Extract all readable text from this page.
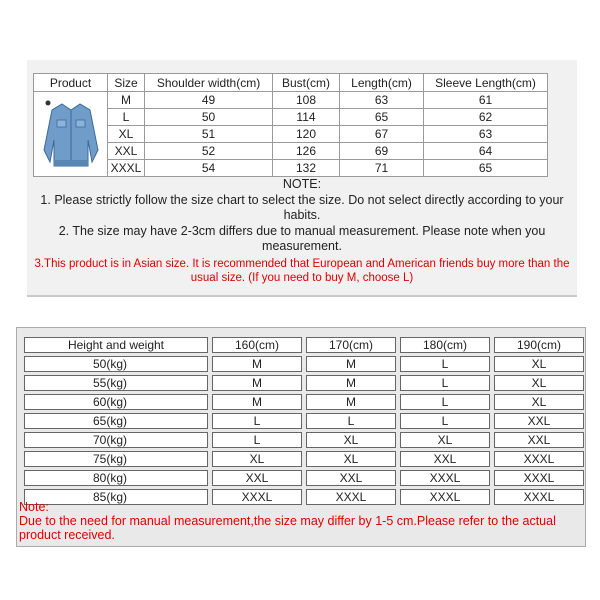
Product	Size	Shoulder width(cm)	Bust(cm)	Length(cm)	Sleeve Length(cm)

	M	49	108	63	61
	L	50	114	65	62
	XL	51	120	67	63
	XXL	52	126	69	64
	XXXL	54	132	71	65

NOTE:

1. Please strictly follow the size chart to select the size. Do not select directly according to your habits.

2. The size may have 2-3cm differs due to manual measurement. Please note when you measurement.

3.This product is in Asian size. It is recommended that European and American friends buy more than the usual size. (If you need to buy M, choose L)

Height and weight	160(cm)	170(cm)	180(cm)	190(cm)
50(kg)	M	M	L	XL
55(kg)	M	M	L	XL
60(kg)	M	M	L	XL
65(kg)	L	L	L	XXL
70(kg)	L	XL	XL	XXL
75(kg)	XL	XL	XXL	XXXL
80(kg)	XXL	XXL	XXXL	XXXL
85(kg)	XXXL	XXXL	XXXL	XXXL

Note:

Due to the need for manual measurement,the size may differ by 1-5 cm.Please refer to the actual product received.
